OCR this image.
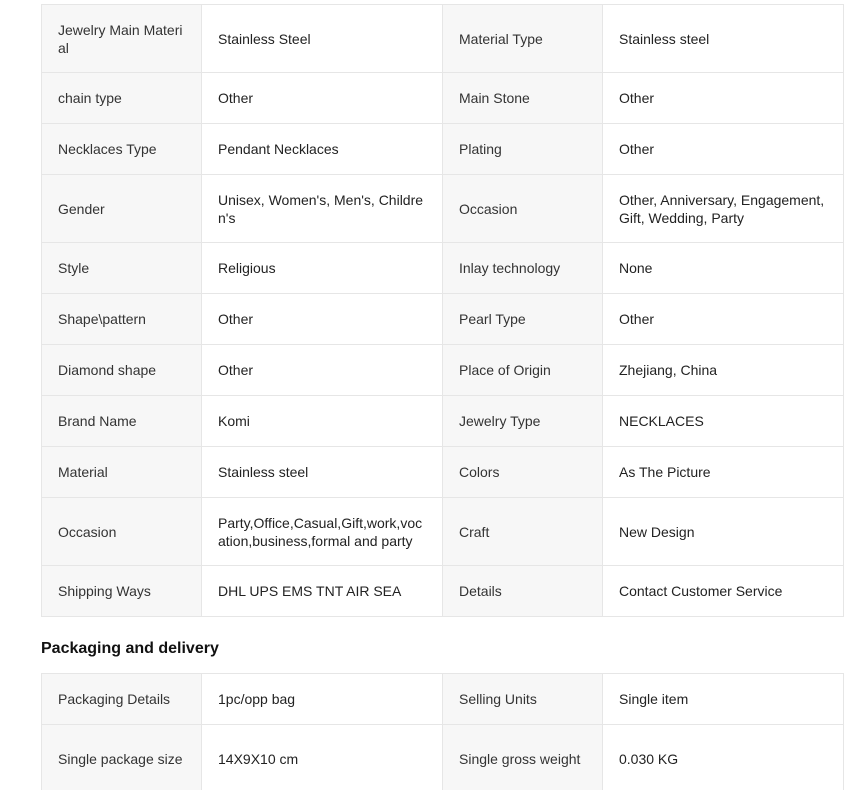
Jewelry Main Material	Stainless Steel	Material Type	Stainless steel

chain type	Other	Main Stone	Other

Necklaces Type	Pendant Necklaces	Plating	Other

Gender	Unisex, Women's, Men's, Children's	Occasion	Other, Anniversary, Engagement, Gift, Wedding, Party

Style	Religious	Inlay technology	None

Shape\pattern	Other	Pearl Type	Other

Diamond shape	Other	Place of Origin	Zhejiang, China

Brand Name	Komi	Jewelry Type	NECKLACES

Material	Stainless steel	Colors	As The Picture

Occasion	Party,Office,Casual,Gift,work,vocation,business,formal and party	Craft	New Design

Shipping Ways	DHL UPS EMS TNT AIR SEA	Details	Contact Customer Service
Packaging and delivery
Packaging Details	1pc/opp bag	Selling Units	Single item

Single package size	14X9X10 cm	Single gross weight	0.030 KG
